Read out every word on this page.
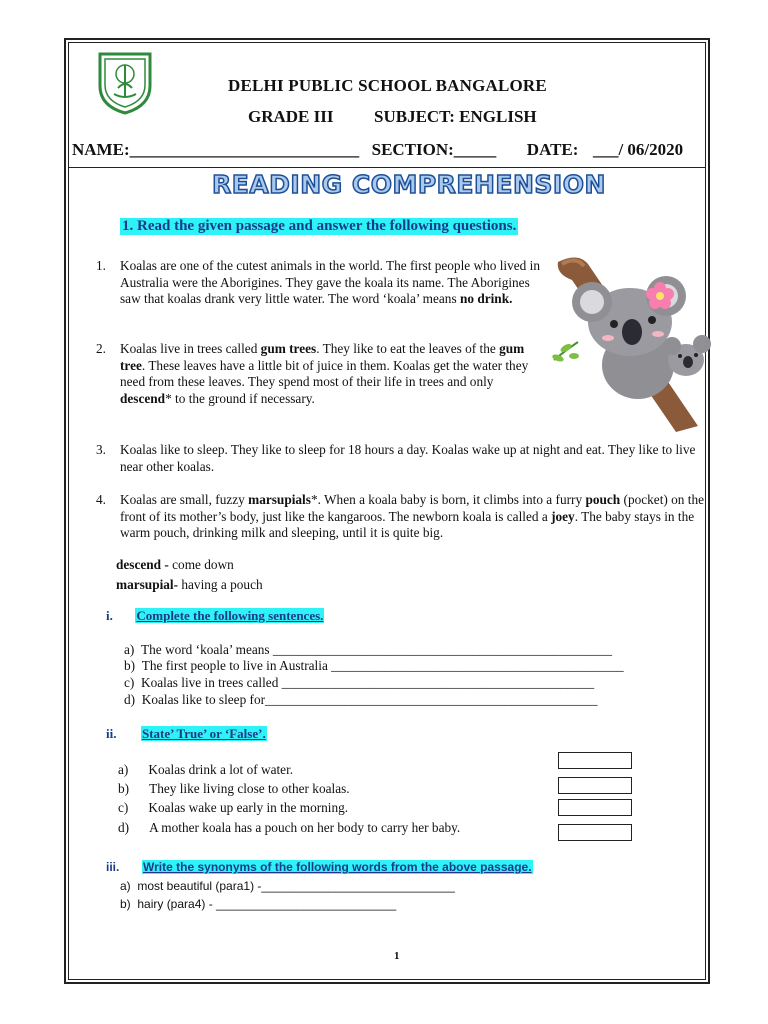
DELHI PUBLIC SCHOOL BANGALORE
GRADE III SUBJECT: ENGLISH
NAME:___________________________ SECTION:_____ DATE: ___/ 06/2020
READING COMPREHENSION
1. Read the given passage and answer the following questions.
1. Koalas are one of the cutest animals in the world. The first people who lived in Australia were the Aborigines. They gave the koala its name. The Aborigines saw that koalas drank very little water. The word ‘koala’ means no drink.
2. Koalas live in trees called gum trees. They like to eat the leaves of the gum tree. These leaves have a little bit of juice in them. Koalas get the water they need from these leaves. They spend most of their life in trees and only descend* to the ground if necessary.
3. Koalas like to sleep. They like to sleep for 18 hours a day. Koalas wake up at night and eat. They like to live near other koalas.
4. Koalas are small, fuzzy marsupials*. When a koala baby is born, it climbs into a furry pouch (pocket) on the front of its mother’s body, just like the kangaroos. The newborn koala is called a joey. The baby stays in the warm pouch, drinking milk and sleeping, until it is quite big.
descend - come down
marsupial- having a pouch
i. Complete the following sentences.
a) The word ‘koala’ means ___________________________________________________
b) The first people to live in Australia ____________________________________________
c) Koalas live in trees called _______________________________________________
d) Koalas like to sleep for__________________________________________________
ii. State’ True’ or ‘False’.
a) Koalas drink a lot of water.
b) They like living close to other koalas.
c) Koalas wake up early in the morning.
d) A mother koala has a pouch on her body to carry her baby.
iii. Write the synonyms of the following words from the above passage.
a) most beautiful (para1) -_____________________________
b) hairy (para4) - ___________________________
1
